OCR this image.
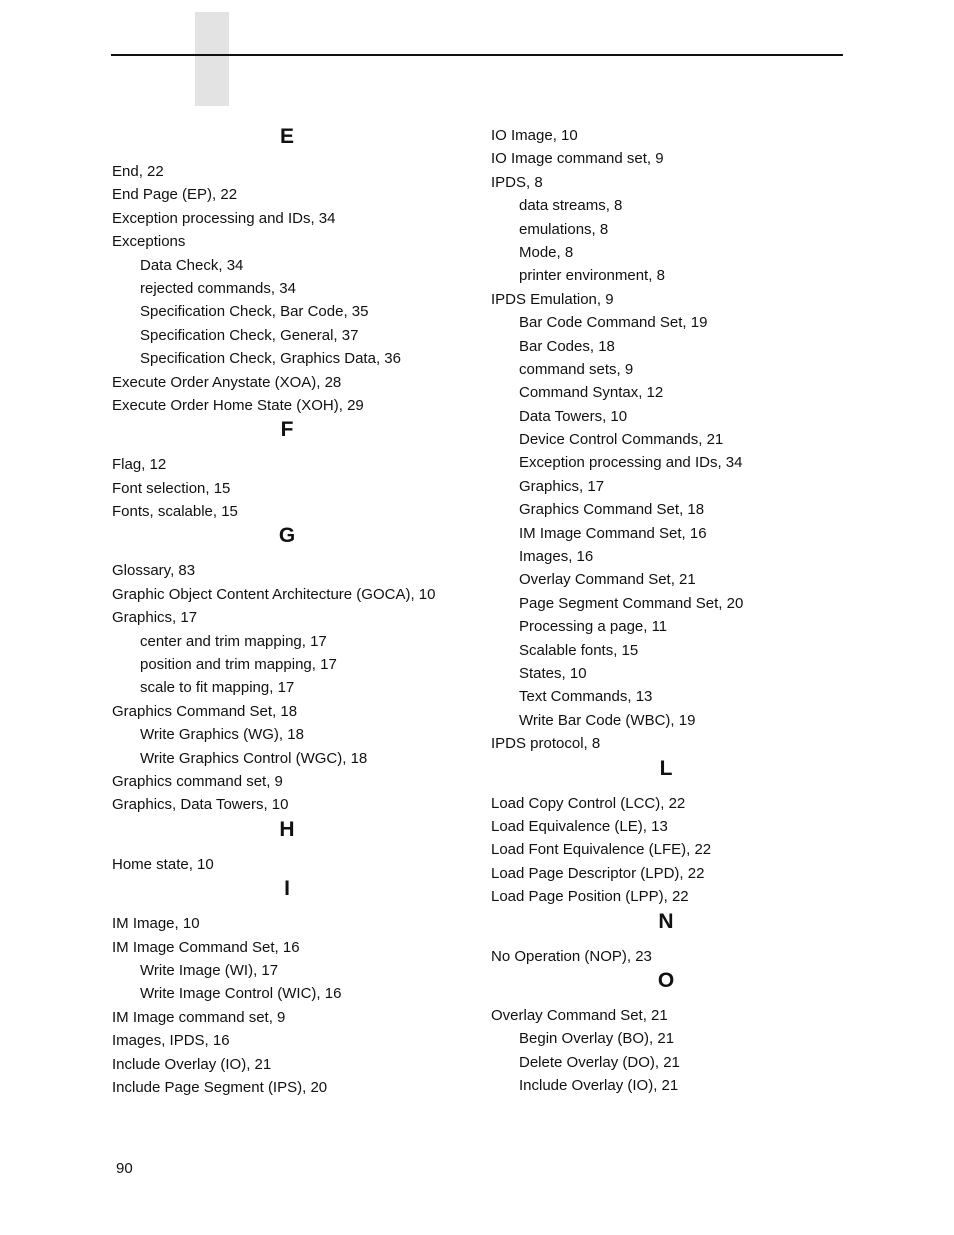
E
End, 22
End Page (EP), 22
Exception processing and IDs, 34
Exceptions
Data Check, 34
rejected commands, 34
Specification Check, Bar Code, 35
Specification Check, General, 37
Specification Check, Graphics Data, 36
Execute Order Anystate (XOA), 28
Execute Order Home State (XOH), 29
F
Flag, 12
Font selection, 15
Fonts, scalable, 15
G
Glossary, 83
Graphic Object Content Architecture (GOCA), 10
Graphics, 17
center and trim mapping, 17
position and trim mapping, 17
scale to fit mapping, 17
Graphics Command Set, 18
Write Graphics (WG), 18
Write Graphics Control (WGC), 18
Graphics command set, 9
Graphics, Data Towers, 10
H
Home state, 10
I
IM Image, 10
IM Image Command Set, 16
Write Image (WI), 17
Write Image Control (WIC), 16
IM Image command set, 9
Images, IPDS, 16
Include Overlay (IO), 21
Include Page Segment (IPS), 20
IO Image, 10
IO Image command set, 9
IPDS, 8
data streams, 8
emulations, 8
Mode, 8
printer environment, 8
IPDS Emulation, 9
Bar Code Command Set, 19
Bar Codes, 18
command sets, 9
Command Syntax, 12
Data Towers, 10
Device Control Commands, 21
Exception processing and IDs, 34
Graphics, 17
Graphics Command Set, 18
IM Image Command Set, 16
Images, 16
Overlay Command Set, 21
Page Segment Command Set, 20
Processing a page, 11
Scalable fonts, 15
States, 10
Text Commands, 13
Write Bar Code (WBC), 19
IPDS protocol, 8
L
Load Copy Control (LCC), 22
Load Equivalence (LE), 13
Load Font Equivalence (LFE), 22
Load Page Descriptor (LPD), 22
Load Page Position (LPP), 22
N
No Operation (NOP), 23
O
Overlay Command Set, 21
Begin Overlay (BO), 21
Delete Overlay (DO), 21
Include Overlay (IO), 21
90
